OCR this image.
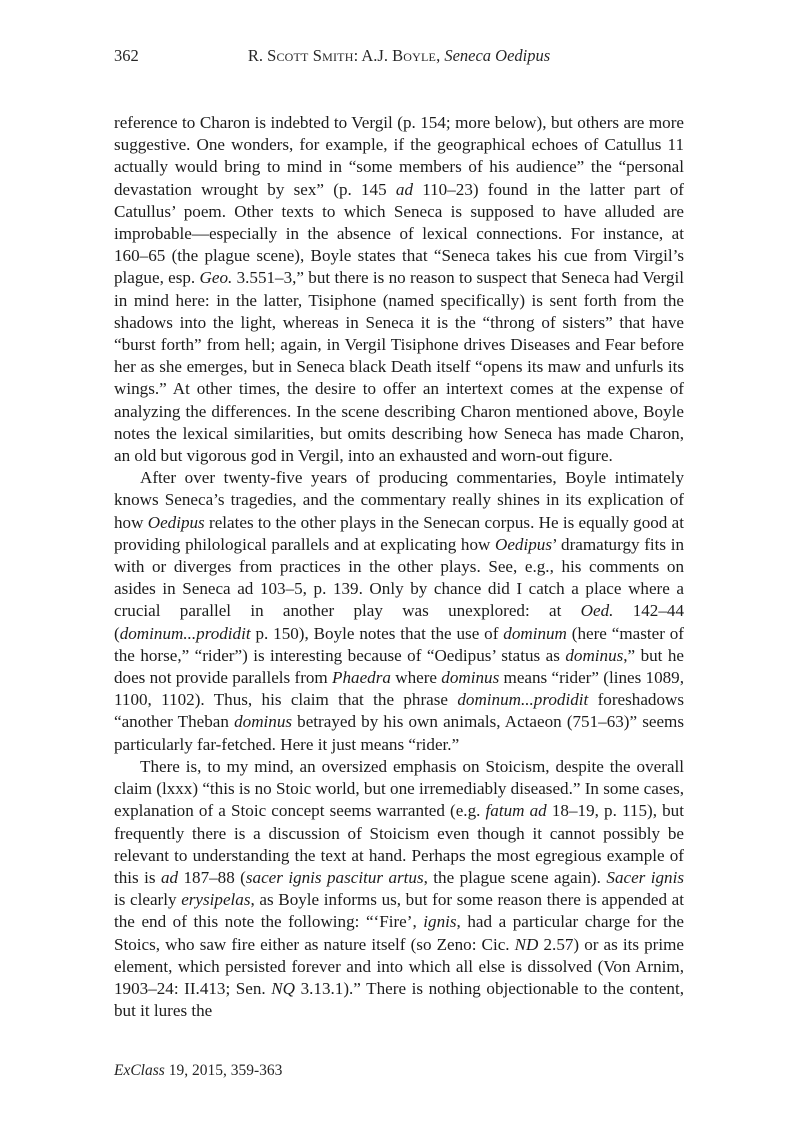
362	R. Scott Smith: A.J. Boyle, Seneca Oedipus

reference to Charon is indebted to Vergil (p. 154; more below), but others are more suggestive. One wonders, for example, if the geographical echoes of Catullus 11 actually would bring to mind in “some members of his audience” the “personal devastation wrought by sex” (p. 145 ad 110–23) found in the latter part of Catullus’ poem. Other texts to which Seneca is supposed to have alluded are improbable—especially in the absence of lexical connections. For instance, at 160–65 (the plague scene), Boyle states that “Seneca takes his cue from Virgil’s plague, esp. Geo. 3.551–3,” but there is no reason to suspect that Seneca had Vergil in mind here: in the latter, Tisiphone (named specifically) is sent forth from the shadows into the light, whereas in Seneca it is the “throng of sisters” that have “burst forth” from hell; again, in Vergil Tisiphone drives Diseases and Fear before her as she emerges, but in Seneca black Death itself “opens its maw and unfurls its wings.” At other times, the desire to offer an intertext comes at the expense of analyzing the differences. In the scene describing Charon mentioned above, Boyle notes the lexical similarities, but omits describing how Seneca has made Charon, an old but vigorous god in Vergil, into an exhausted and worn-out figure.

After over twenty-five years of producing commentaries, Boyle intimately knows Seneca’s tragedies, and the commentary really shines in its explication of how Oedipus relates to the other plays in the Senecan corpus. He is equally good at providing philological parallels and at explicating how Oedipus’ dramaturgy fits in with or diverges from practices in the other plays. See, e.g., his comments on asides in Seneca ad 103–5, p. 139. Only by chance did I catch a place where a crucial parallel in another play was unexplored: at Oed. 142–44 (dominum...prodidit p. 150), Boyle notes that the use of dominum (here “master of the horse,” “rider”) is interesting because of “Oedipus’ status as dominus,” but he does not provide parallels from Phaedra where dominus means “rider” (lines 1089, 1100, 1102). Thus, his claim that the phrase dominum...prodidit foreshadows “another Theban dominus betrayed by his own animals, Actaeon (751–63)” seems particularly far-fetched. Here it just means “rider.”

There is, to my mind, an oversized emphasis on Stoicism, despite the overall claim (lxxx) “this is no Stoic world, but one irremediably diseased.” In some cases, explanation of a Stoic concept seems warranted (e.g. fatum ad 18–19, p. 115), but frequently there is a discussion of Stoicism even though it cannot possibly be relevant to understanding the text at hand. Perhaps the most egregious example of this is ad 187–88 (sacer ignis pascitur artus, the plague scene again). Sacer ignis is clearly erysipelas, as Boyle informs us, but for some reason there is appended at the end of this note the following: “‘Fire’, ignis, had a particular charge for the Stoics, who saw fire either as nature itself (so Zeno: Cic. ND 2.57) or as its prime element, which persisted forever and into which all else is dissolved (Von Arnim, 1903–24: II.413; Sen. NQ 3.13.1).” There is nothing objectionable to the content, but it lures the

ExClass 19, 2015, 359-363
